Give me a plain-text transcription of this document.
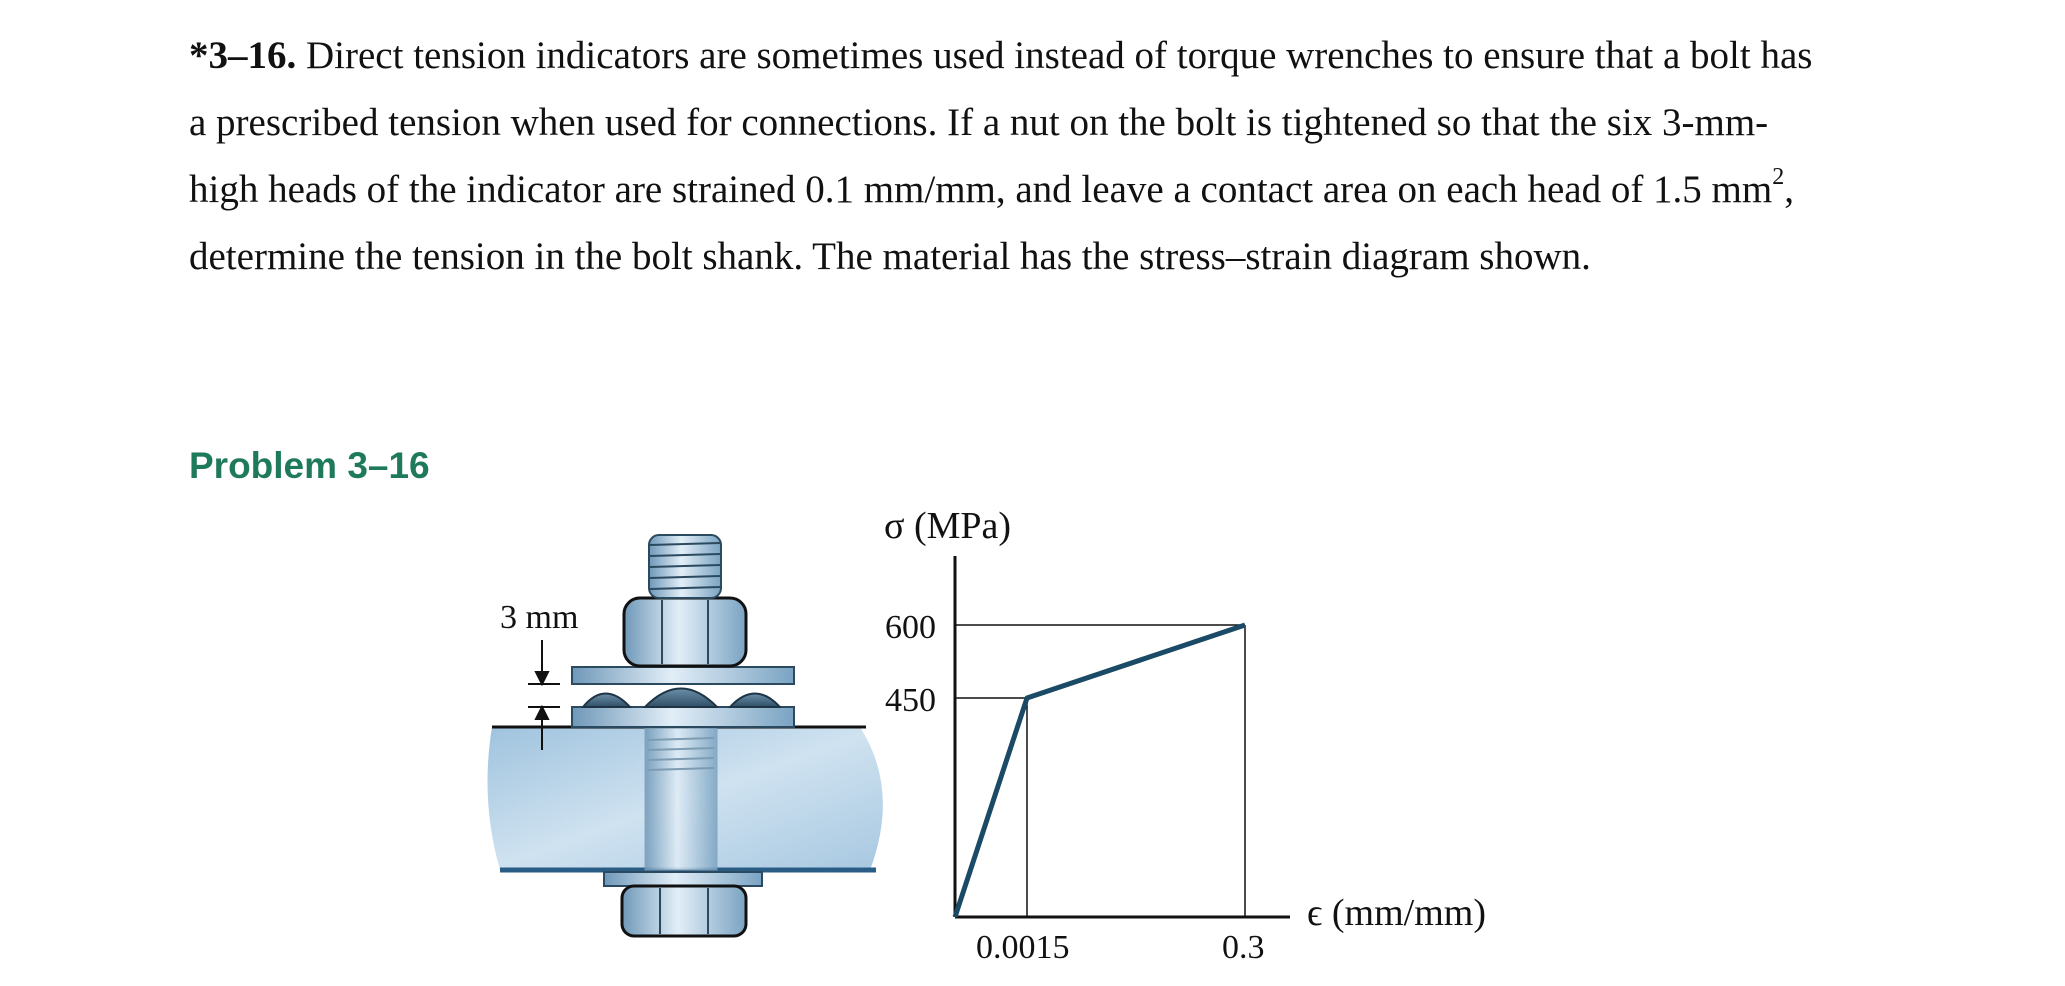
*3–16. Direct tension indicators are sometimes used instead of torque wrenches to ensure that a bolt has a prescribed tension when used for connections. If a nut on the bolt is tightened so that the six 3-mm-high heads of the indicator are strained 0.1 mm/mm, and leave a contact area on each head of 1.5 $mm^2$, determine the tension in the bolt shank. The material has the stress–strain diagram shown.
Problem 3–16
3 mm
σ (MPa)
ϵ (mm/mm)
600
450
0.0015	0.3
